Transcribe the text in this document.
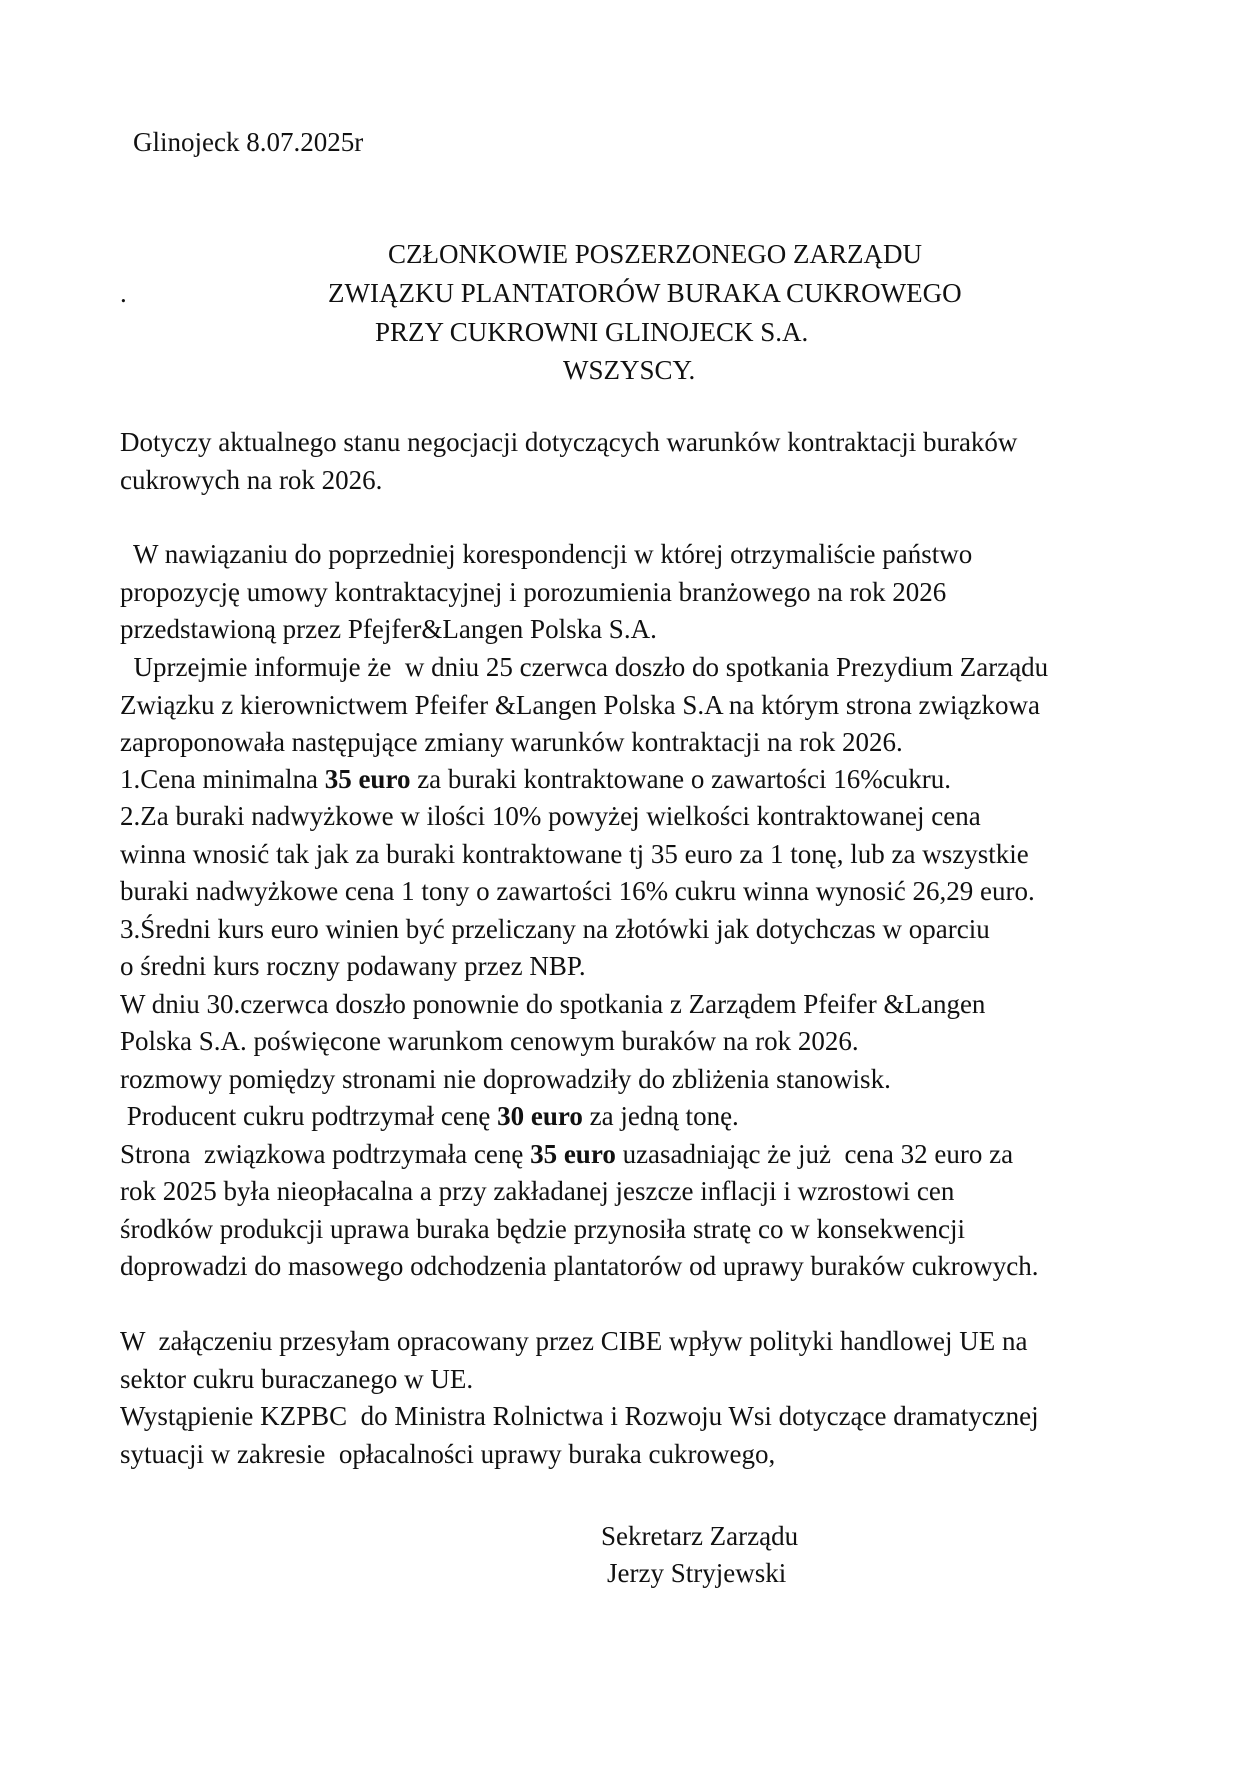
Glinojeck 8.07.2025r
CZŁONKOWIE POSZERZONEGO ZARZĄDU
.	ZWIĄZKU PLANTATORÓW BURAKA CUKROWEGO
PRZY CUKROWNI GLINOJECK S.A.
WSZYSCY.
Dotyczy aktualnego stanu negocjacji dotyczących warunków kontraktacji buraków
cukrowych na rok 2026.
W nawiązaniu do poprzedniej korespondencji w której otrzymaliście państwo
propozycję umowy kontraktacyjnej i porozumienia branżowego na rok 2026
przedstawioną przez Pfejfer&Langen Polska S.A.
Uprzejmie informuje że  w dniu 25 czerwca doszło do spotkania Prezydium Zarządu
Związku z kierownictwem Pfeifer &Langen Polska S.A na którym strona związkowa
zaproponowała następujące zmiany warunków kontraktacji na rok 2026.
1.Cena minimalna 35 euro za buraki kontraktowane o zawartości 16%cukru.
2.Za buraki nadwyżkowe w ilości 10% powyżej wielkości kontraktowanej cena
winna wnosić tak jak za buraki kontraktowane tj 35 euro za 1 tonę, lub za wszystkie
buraki nadwyżkowe cena 1 tony o zawartości 16% cukru winna wynosić 26,29 euro.
3.Średni kurs euro winien być przeliczany na złotówki jak dotychczas w oparciu
o średni kurs roczny podawany przez NBP.
W dniu 30.czerwca doszło ponownie do spotkania z Zarządem Pfeifer &Langen
Polska S.A. poświęcone warunkom cenowym buraków na rok 2026.
rozmowy pomiędzy stronami nie doprowadziły do zbliżenia stanowisk.
Producent cukru podtrzymał cenę 30 euro za jedną tonę.
Strona  związkowa podtrzymała cenę 35 euro uzasadniając że już  cena 32 euro za
rok 2025 była nieopłacalna a przy zakładanej jeszcze inflacji i wzrostowi cen
środków produkcji uprawa buraka będzie przynosiła stratę co w konsekwencji
doprowadzi do masowego odchodzenia plantatorów od uprawy buraków cukrowych.
W  załączeniu przesyłam opracowany przez CIBE wpływ polityki handlowej UE na
sektor cukru buraczanego w UE.
Wystąpienie KZPBC  do Ministra Rolnictwa i Rozwoju Wsi dotyczące dramatycznej
sytuacji w zakresie  opłacalności uprawy buraka cukrowego,
Sekretarz Zarządu
Jerzy Stryjewski
